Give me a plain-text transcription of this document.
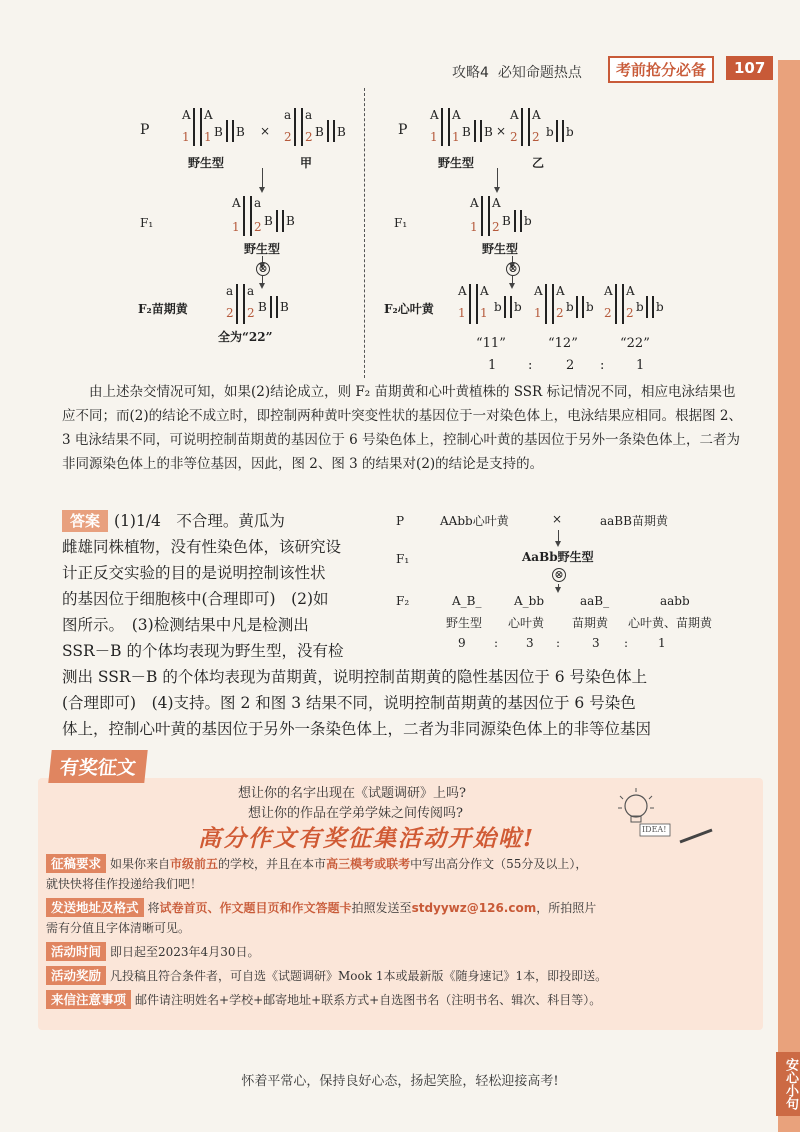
攻略4 必知命题热点	考前抢分必备	107
P
A A
1 1 B B ×
a a
2 2 B B
野生型	甲
F₁
A a
1 2 B B
野生型
⊗
F₂苗期黄
a a
2 2 B B
全为“22”
P
A A
1 1 B B ×
A A
2 2 b b
野生型	乙
F₁
A A
1 2 B b
野生型
⊗
F₂心叶黄
A A
1 1 b b
A A
1 2 b b
A A
2 2 b b
“11”	“12”	“22”
1 :	2 : 1
由上述杂交情况可知，如果(2)结论成立，则 F₂ 苗期黄和心叶黄植株的 SSR 标记情况不同，相应电泳结果也应不同；而(2)的结论不成立时，即控制两种黄叶突变性状的基因位于一对染色体上，电泳结果应相同。根据图 2、3 电泳结果不同，可说明控制苗期黄的基因位于 6 号染色体上，控制心叶黄的基因位于另外一条染色体上，二者为非同源染色体上的非等位基因，因此，图 2、图 3 的结果对(2)的结论是支持的。
答案 (1)1/4　不合理。黄瓜为
雌雄同株植物，没有性染色体，该研究设
计正反交实验的目的是说明控制该性状
的基因位于细胞核中(合理即可)　(2)如
图所示。　(3)检测结果中凡是检测出
SSR－B 的个体均表现为野生型，没有检
测出 SSR－B 的个体均表现为苗期黄，说明控制苗期黄的隐性基因位于 6 号染色体上
(合理即可)　(4)支持。图 2 和图 3 结果不同，说明控制苗期黄的基因位于 6 号染色
体上，控制心叶黄的基因位于另外一条染色体上，二者为非同源染色体上的非等位基因
P	AAbb心叶黄	×	aaBB苗期黄
F₁	AaBb野生型
⊗
F₂	A_B_	A_bb	aaB_	aabb
野生型 心叶黄 苗期黄 心叶黄、苗期黄
9 : 3 :	3 : 1
想让你的名字出现在《试题调研》上吗?
想让你的作品在学弟学妹之间传阅吗?
高分作文有奖征集活动开始啦!	IDEA!
征稿要求 如果你来自市级前五的学校，并且在本市高三模考或联考中写出高分作文（55分及以上），
就快快将佳作投递给我们吧！
发送地址及格式 将试卷首页、作文题目页和作文答题卡拍照发送至stdyywz@126.com，所拍照片
需有分值且字体清晰可见。
活动时间 即日起至2023年4月30日。
活动奖励 凡投稿且符合条件者，可自选《试题调研》Mook 1本或最新版《随身速记》1本，即投即送。
来信注意事项 邮件请注明姓名+学校+邮寄地址+联系方式+自选图书名（注明书名、辑次、科目等）。
有奖征文
怀着平常心，保持良好心态，扬起笑脸，轻松迎接高考!	安心小句
